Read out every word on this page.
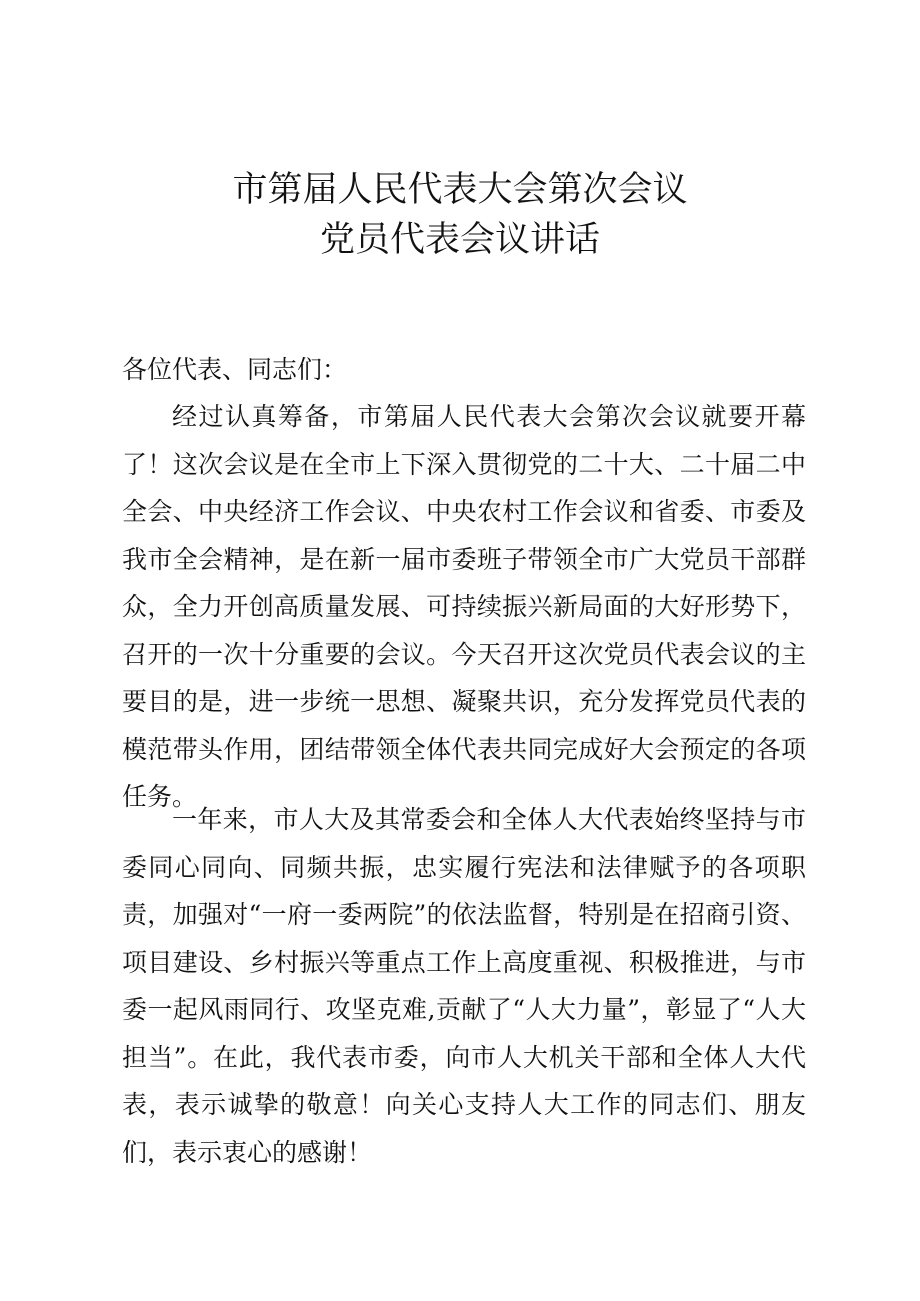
市第届人民代表大会第次会议
党员代表会议讲话

各位代表、同志们：

经过认真筹备，市第届人民代表大会第次会议就要开幕了！这次会议是在全市上下深入贯彻党的二十大、二十届二中全会、中央经济工作会议、中央农村工作会议和省委、市委及我市全会精神，是在新一届市委班子带领全市广大党员干部群众，全力开创高质量发展、可持续振兴新局面的大好形势下，召开的一次十分重要的会议。今天召开这次党员代表会议的主要目的是，进一步统一思想、凝聚共识，充分发挥党员代表的模范带头作用，团结带领全体代表共同完成好大会预定的各项任务。

一年来，市人大及其常委会和全体人大代表始终坚持与市委同心同向、同频共振，忠实履行宪法和法律赋予的各项职责，加强对“一府一委两院”的依法监督，特别是在招商引资、项目建设、乡村振兴等重点工作上高度重视、积极推进，与市委一起风雨同行、攻坚克难,贡献了“人大力量”，彰显了“人大担当”。在此，我代表市委，向市人大机关干部和全体人大代表，表示诚挚的敬意！向关心支持人大工作的同志们、朋友们，表示衷心的感谢！
